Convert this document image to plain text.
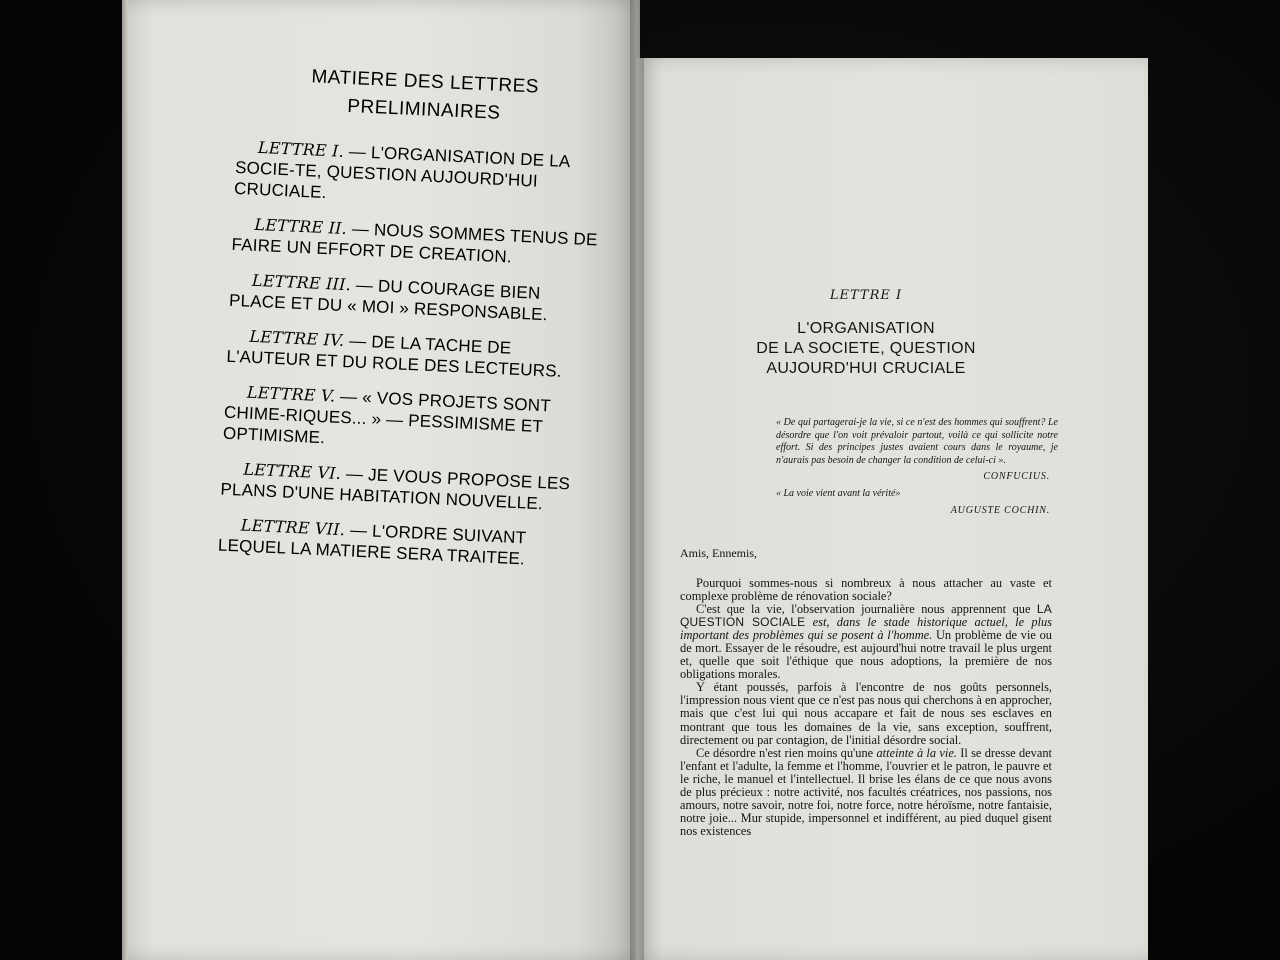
MATIERE DES LETTRES
PRELIMINAIRES
LETTRE I. — L'ORGANISATION DE LA SOCIE-TE, QUESTION AUJOURD'HUI CRUCIALE.
LETTRE II. — NOUS SOMMES TENUS DE FAIRE UN EFFORT DE CREATION.
LETTRE III. — DU COURAGE BIEN PLACE ET DU « MOI » RESPONSABLE.
LETTRE IV. — DE LA TACHE DE L'AUTEUR ET DU ROLE DES LECTEURS.
LETTRE V. — « VOS PROJETS SONT CHIME-RIQUES... » — PESSIMISME ET OPTIMISME.
LETTRE VI. — JE VOUS PROPOSE LES PLANS D'UNE HABITATION NOUVELLE.
LETTRE VII. — L'ORDRE SUIVANT LEQUEL LA MATIERE SERA TRAITEE.
LETTRE I
L'ORGANISATION
DE LA SOCIETE, QUESTION
AUJOURD'HUI CRUCIALE
« De qui partagerai-je la vie, si ce n'est des hommes qui souffrent? Le désordre que l'on voit prévaloir partout, voilà ce qui sollicite notre effort. Si des principes justes avaient cours dans le royaume, je n'aurais pas besoin de changer la condition de celui-ci ».
CONFUCIUS.
« La voie vient avant la vérité»
AUGUSTE COCHIN.
Amis, Ennemis,

Pourquoi sommes-nous si nombreux à nous attacher au vaste et complexe problème de rénovation sociale?

C'est que la vie, l'observation journalière nous apprennent que LA QUESTION SOCIALE est, dans le stade historique actuel, le plus important des problèmes qui se posent à l'homme. Un problème de vie ou de mort. Essayer de le résoudre, est aujourd'hui notre travail le plus urgent et, quelle que soit l'éthique que nous adoptions, la première de nos obligations morales.

Y étant poussés, parfois à l'encontre de nos goûts personnels, l'impression nous vient que ce n'est pas nous qui cherchons à en approcher, mais que c'est lui qui nous accapare et fait de nous ses esclaves en montrant que tous les domaines de la vie, sans exception, souffrent, directement ou par contagion, de l'initial désordre social.

Ce désordre n'est rien moins qu'une atteinte à la vie. Il se dresse devant l'enfant et l'adulte, la femme et l'homme, l'ouvrier et le patron, le pauvre et le riche, le manuel et l'intellectuel. Il brise les élans de ce que nous avons de plus précieux : notre activité, nos facultés créatrices, nos passions, nos amours, notre savoir, notre foi, notre force, notre héroïsme, notre fantaisie, notre joie... Mur stupide, impersonnel et indifférent, au pied duquel gisent nos existences
